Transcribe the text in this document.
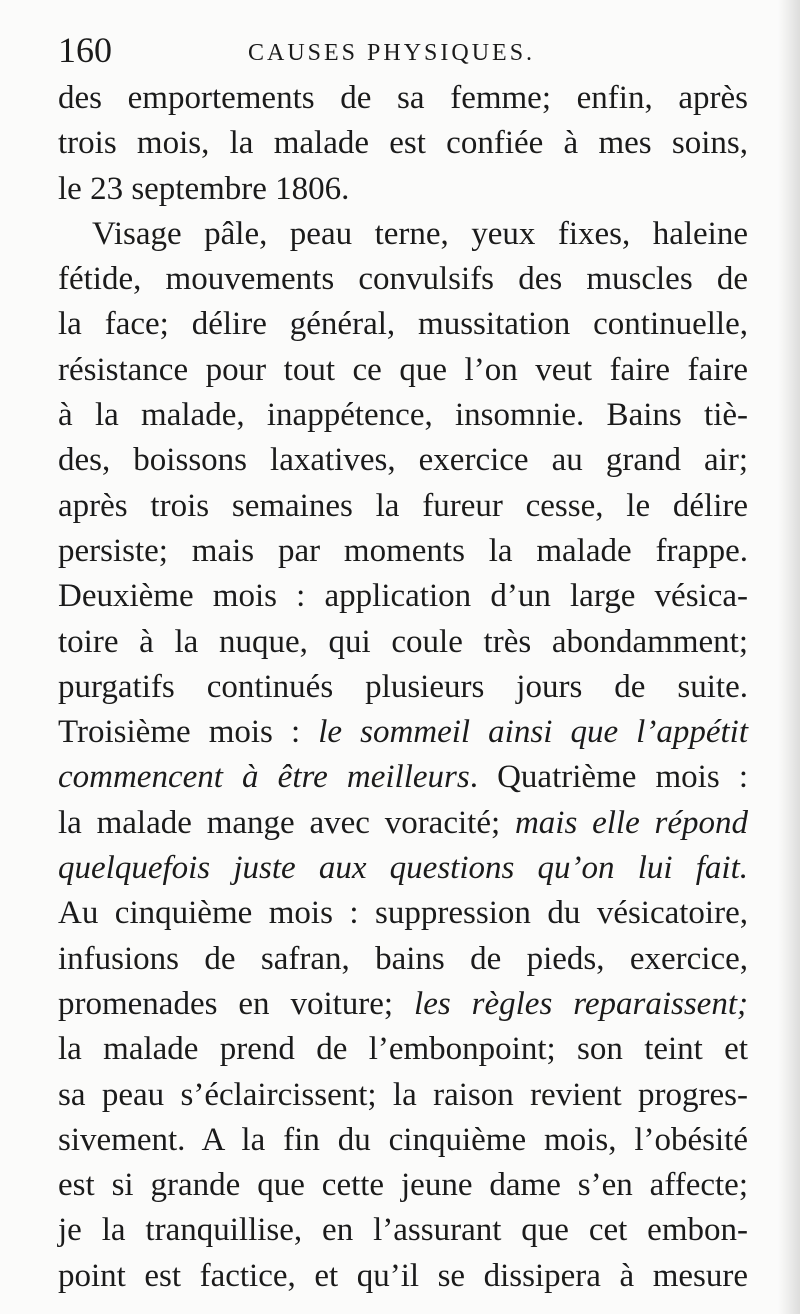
160	CAUSES PHYSIQUES.
des emportements de sa femme; enfin, après
trois mois, la malade est confiée à mes soins,
le 23 septembre 1806.
Visage pâle, peau terne, yeux fixes, haleine
fétide, mouvements convulsifs des muscles de
la face; délire général, mussitation continuelle,
résistance pour tout ce que l’on veut faire faire
à la malade, inappétence, insomnie. Bains tiè-
des, boissons laxatives, exercice au grand air;
après trois semaines la fureur cesse, le délire
persiste; mais par moments la malade frappe.
Deuxième mois : application d’un large vésica-
toire à la nuque, qui coule très abondamment;
purgatifs continués plusieurs jours de suite.
Troisième mois : le sommeil ainsi que l’appétit
commencent à être meilleurs. Quatrième mois :
la malade mange avec voracité; mais elle répond
quelquefois juste aux questions qu’on lui fait.
Au cinquième mois : suppression du vésicatoire,
infusions de safran, bains de pieds, exercice,
promenades en voiture; les règles reparaissent;
la malade prend de l’embonpoint; son teint et
sa peau s’éclaircissent; la raison revient progres-
sivement. A la fin du cinquième mois, l’obésité
est si grande que cette jeune dame s’en affecte;
je la tranquillise, en l’assurant que cet embon-
point est factice, et qu’il se dissipera à mesure
